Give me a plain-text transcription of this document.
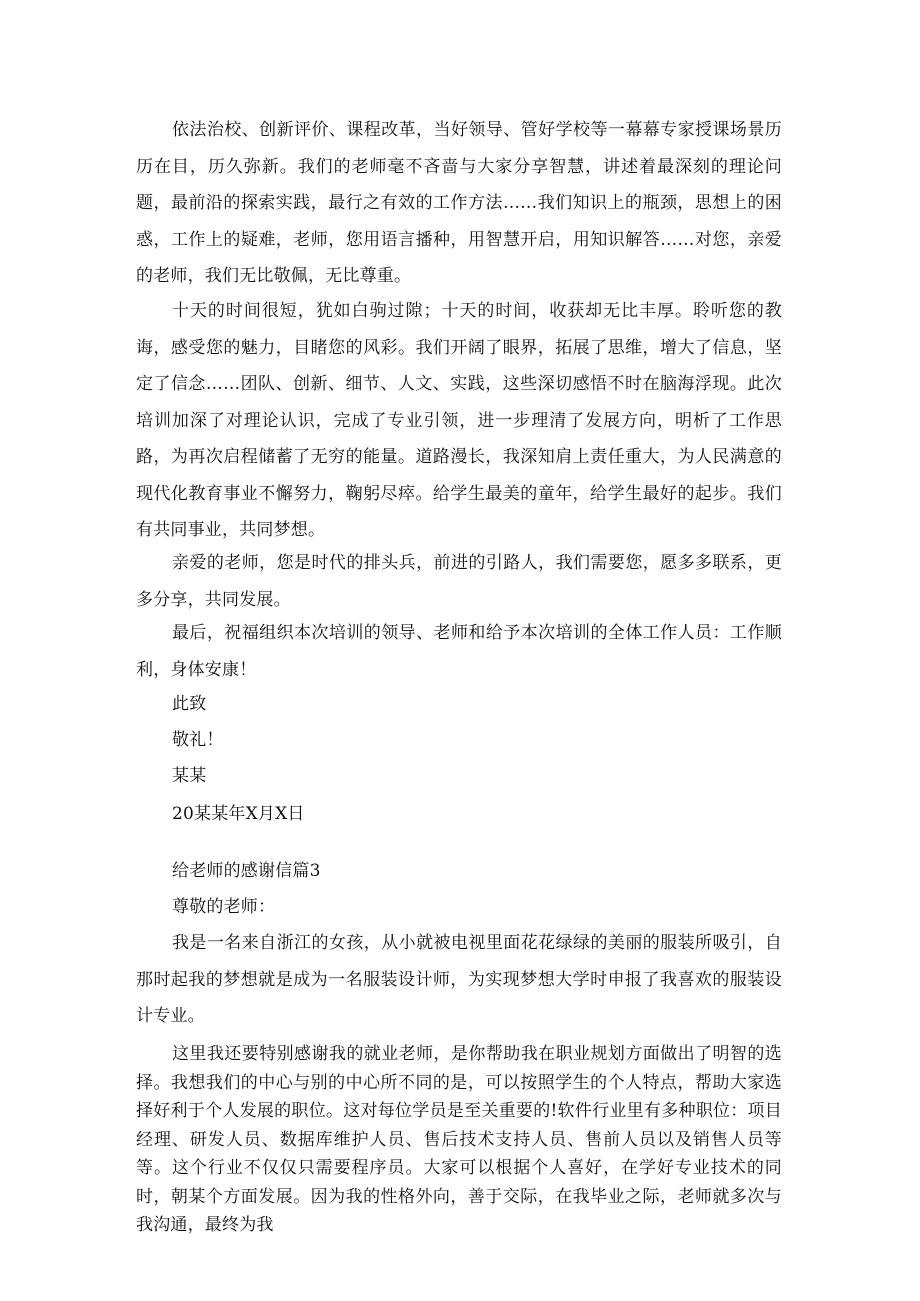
依法治校、创新评价、课程改革，当好领导、管好学校等一幕幕专家授课场景历历在目，历久弥新。我们的老师毫不吝啬与大家分享智慧，讲述着最深刻的理论问题，最前沿的探索实践，最行之有效的工作方法……我们知识上的瓶颈，思想上的困惑，工作上的疑难，老师，您用语言播种，用智慧开启，用知识解答……对您，亲爱的老师，我们无比敬佩，无比尊重。

十天的时间很短，犹如白驹过隙；十天的时间，收获却无比丰厚。聆听您的教诲，感受您的魅力，目睹您的风彩。我们开阔了眼界，拓展了思维，增大了信息，坚定了信念……团队、创新、细节、人文、实践，这些深切感悟不时在脑海浮现。此次培训加深了对理论认识，完成了专业引领，进一步理清了发展方向，明析了工作思路，为再次启程储蓄了无穷的能量。道路漫长，我深知肩上责任重大，为人民满意的现代化教育事业不懈努力，鞠躬尽瘁。给学生最美的童年，给学生最好的起步。我们有共同事业，共同梦想。

亲爱的老师，您是时代的排头兵，前进的引路人，我们需要您，愿多多联系，更多分享，共同发展。

最后，祝福组织本次培训的领导、老师和给予本次培训的全体工作人员：工作顺利，身体安康！

此致

敬礼！

某某

20某某年X月X日

给老师的感谢信篇3

尊敬的老师：

我是一名来自浙江的女孩，从小就被电视里面花花绿绿的美丽的服装所吸引，自那时起我的梦想就是成为一名服装设计师，为实现梦想大学时申报了我喜欢的服装设计专业。

这里我还要特别感谢我的就业老师，是你帮助我在职业规划方面做出了明智的选择。我想我们的中心与别的中心所不同的是，可以按照学生的个人特点，帮助大家选择好利于个人发展的职位。这对每位学员是至关重要的!软件行业里有多种职位：项目经理、研发人员、数据库维护人员、售后技术支持人员、售前人员以及销售人员等等。这个行业不仅仅只需要程序员。大家可以根据个人喜好，在学好专业技术的同时，朝某个方面发展。因为我的性格外向，善于交际，在我毕业之际，老师就多次与我沟通，最终为我
